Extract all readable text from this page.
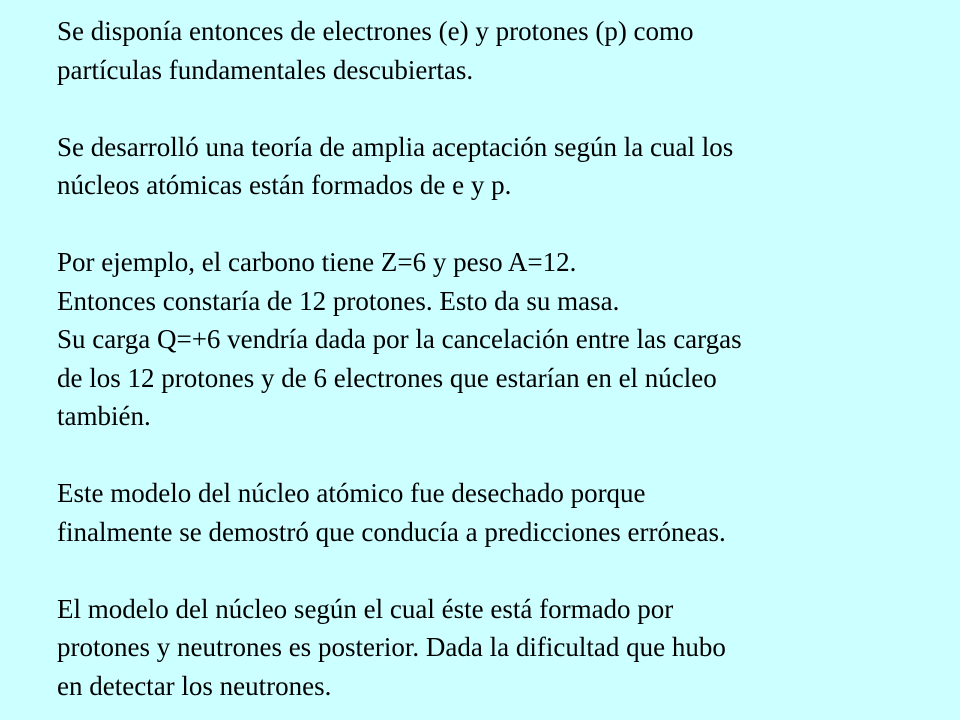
Se disponía entonces de electrones (e) y protones (p) como
partículas fundamentales descubiertas.

Se desarrolló una teoría de amplia aceptación según la cual los
núcleos atómicas están formados de e y p.

Por ejemplo, el carbono tiene Z=6 y peso A=12.
Entonces constaría de 12 protones. Esto da su masa.
Su carga Q=+6 vendría dada por la cancelación entre las cargas
de los 12 protones y de 6 electrones que estarían en el núcleo
también.

Este modelo del núcleo atómico fue desechado porque
finalmente se demostró que conducía a predicciones erróneas.

El modelo del núcleo según el cual éste está formado por
protones y neutrones es posterior. Dada la dificultad que hubo
en detectar los neutrones.
